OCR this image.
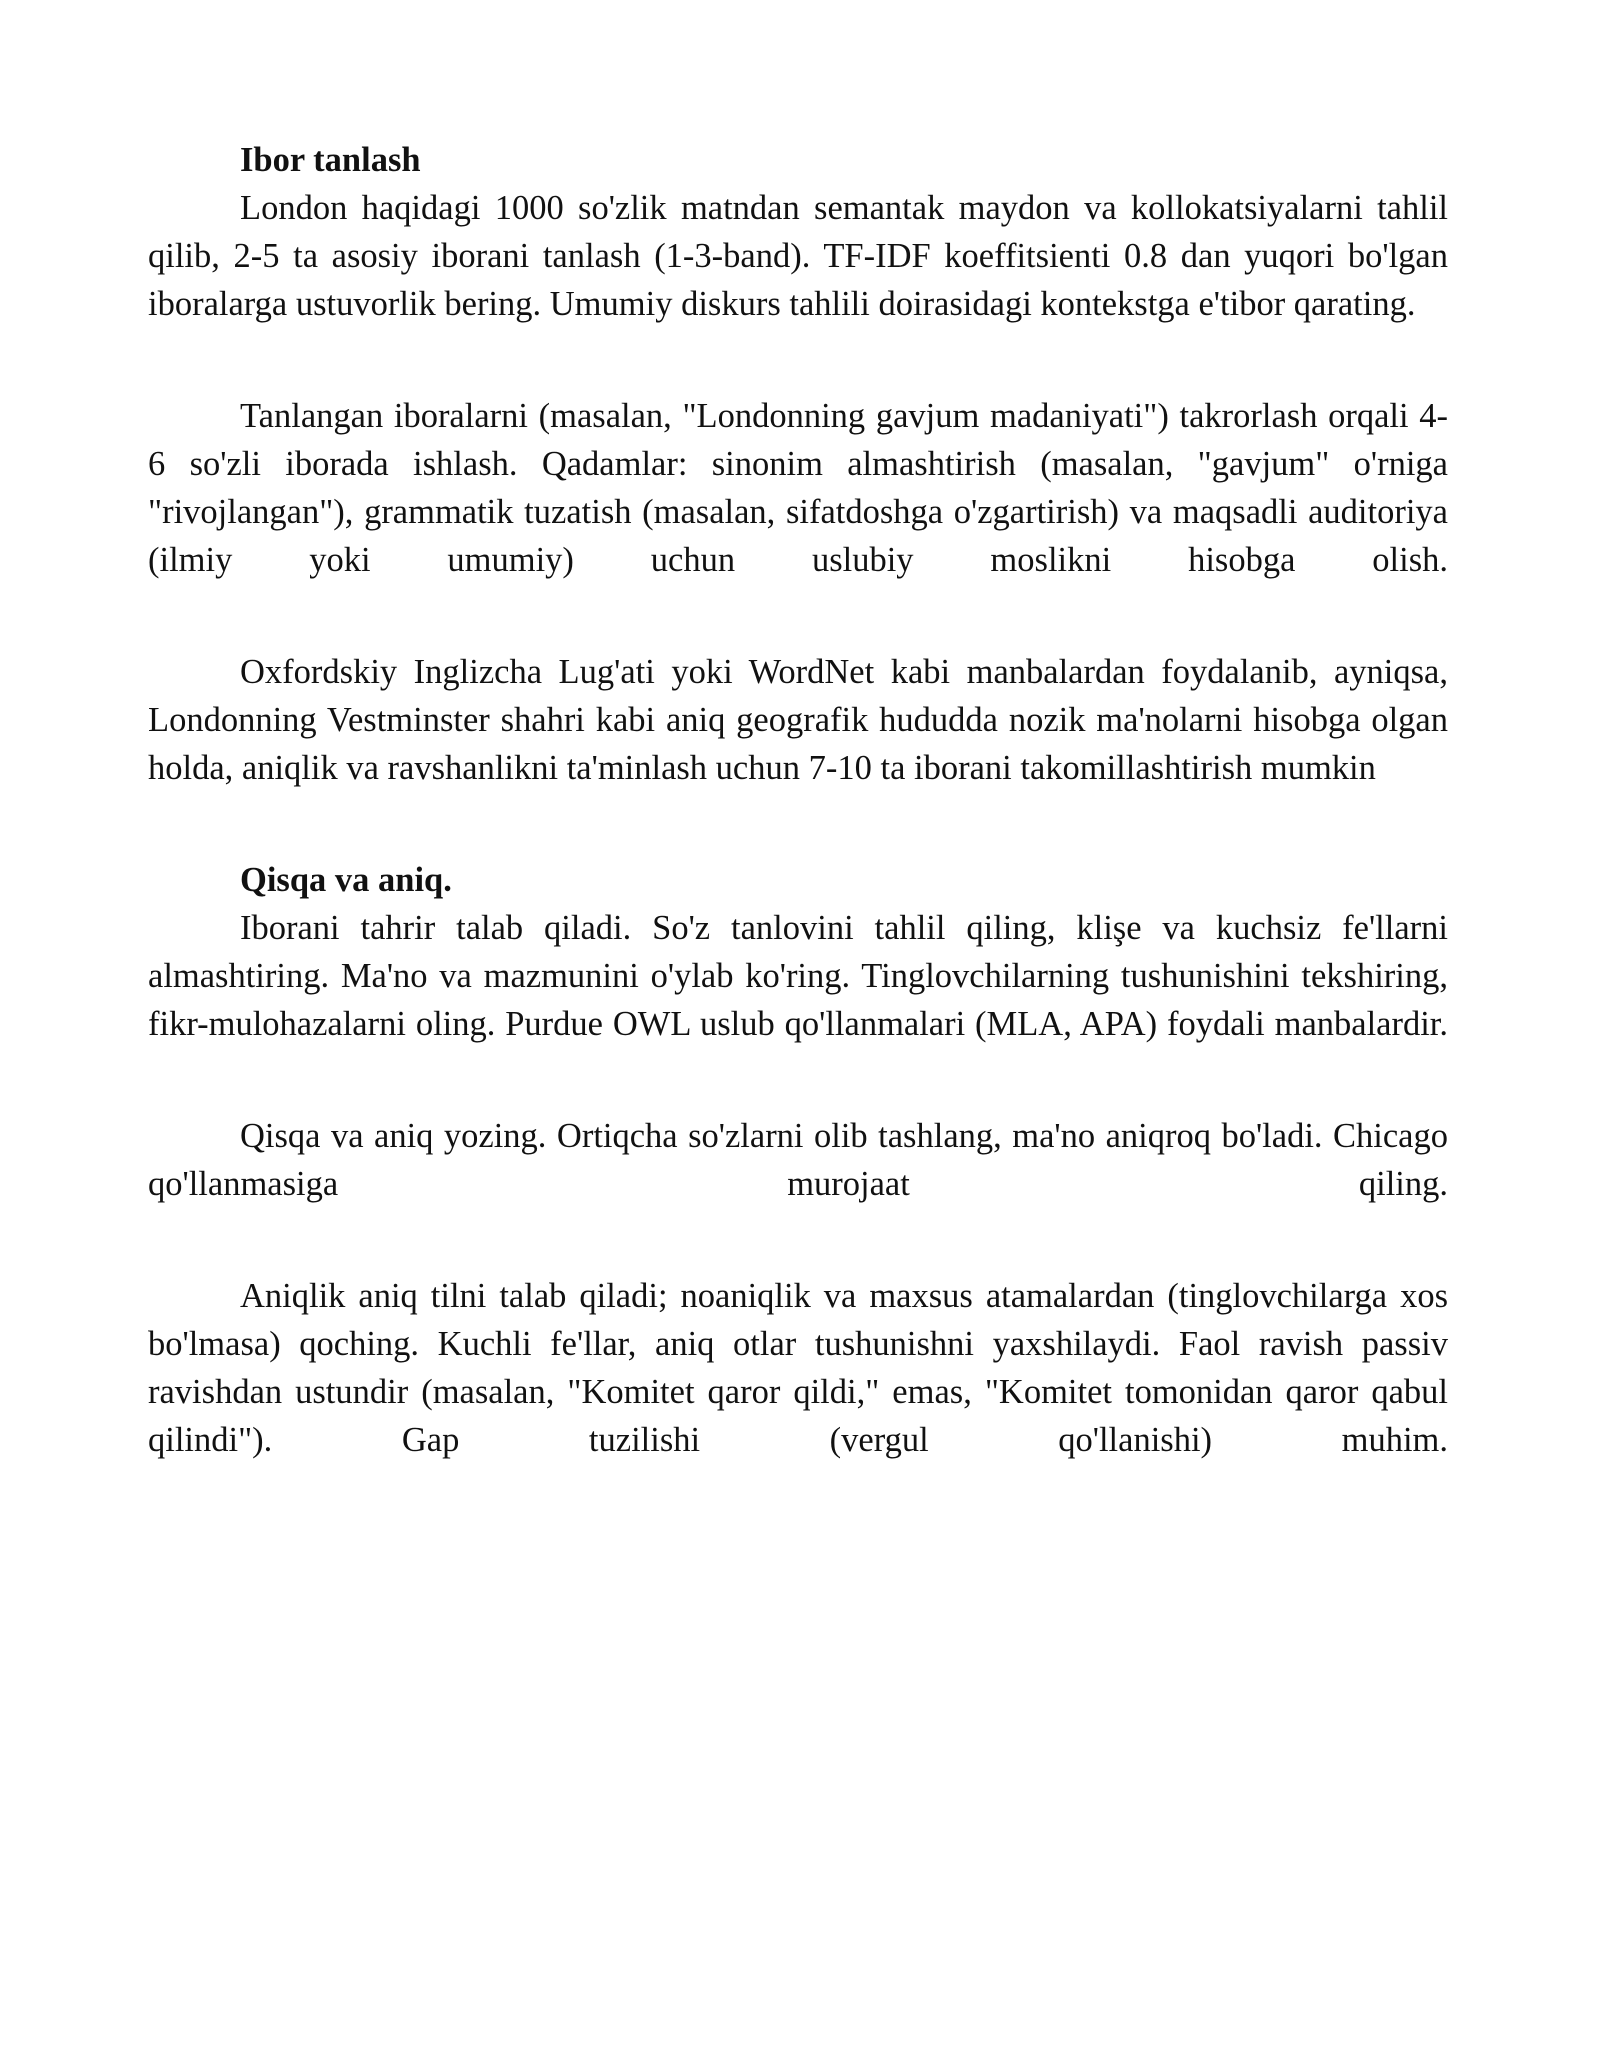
Ibor tanlash

London haqidagi 1000 so'zlik matndan semantak maydon va kollokatsiyalarni tahlil qilib, 2-5 ta asosiy iborani tanlash (1-3-band). TF-IDF koeffitsienti 0.8 dan yuqori bo'lgan iboralarga ustuvorlik bering. Umumiy diskurs tahlili doirasidagi kontekstga e'tibor qarating.

Tanlangan iboralarni (masalan, "Londonning gavjum madaniyati") takrorlash orqali 4-6 so'zli iborada ishlash. Qadamlar: sinonim almashtirish (masalan, "gavjum" o'rniga "rivojlangan"), grammatik tuzatish (masalan, sifatdoshga o'zgartirish) va maqsadli auditoriya (ilmiy yoki umumiy) uchun uslubiy moslikni hisobga olish.

Oxfordskiy Inglizcha Lug'ati yoki WordNet kabi manbalardan foydalanib, ayniqsa, Londonning Vestminster shahri kabi aniq geografik hududda nozik ma'nolarni hisobga olgan holda, aniqlik va ravshanlikni ta'minlash uchun 7-10 ta iborani takomillashtirish mumkin

Qisqa va aniq.

Iborani tahrir talab qiladi. So'z tanlovini tahlil qiling, klişe va kuchsiz fe'llarni almashtiring. Ma'no va mazmunini o'ylab ko'ring. Tinglovchilarning tushunishini tekshiring, fikr-mulohazalarni oling. Purdue OWL uslub qo'llanmalari (MLA, APA) foydali manbalardir.

Qisqa va aniq yozing. Ortiqcha so'zlarni olib tashlang, ma'no aniqroq bo'ladi. Chicago qo'llanmasiga murojaat qiling.

Aniqlik aniq tilni talab qiladi; noaniqlik va maxsus atamalardan (tinglovchilarga xos bo'lmasa) qoching. Kuchli fe'llar, aniq otlar tushunishni yaxshilaydi. Faol ravish passiv ravishdan ustundir (masalan, "Komitet qaror qildi," emas, "Komitet tomonidan qaror qabul qilindi"). Gap tuzilishi (vergul qo'llanishi) muhim.
